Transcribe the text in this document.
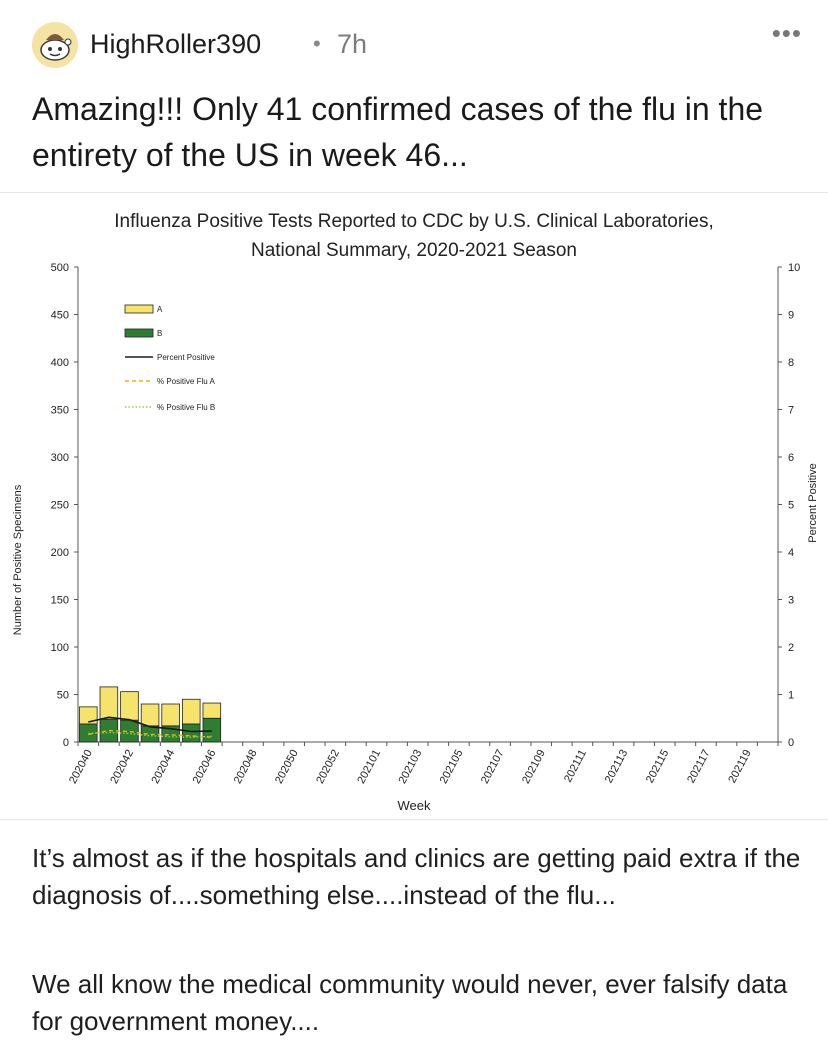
HighRoller390 • 7h	•••
Amazing!!! Only 41 confirmed cases of the flu in the entirety of the US in week 46...
Influenza Positive Tests Reported to CDC by U.S. Clinical Laboratories,
National Summary, 2020-2021 Season
Number of Positive Specimens	Percent Positive
Week
0
50
100
150
200
250
300
350
400
450
500
0
1
2
3
4
5
6
7
8
9
10
202040 202042 202044 202046 202048 202050 202052 202101 202103 202105 202107 202109 202111 202113 202115 202117 202119
A
B
Percent Positive
% Positive Flu A
% Positive Flu B

It’s almost as if the hospitals and clinics are getting paid extra if the diagnosis of....something else....instead of the flu...

We all know the medical community would never, ever falsify data for government money....
